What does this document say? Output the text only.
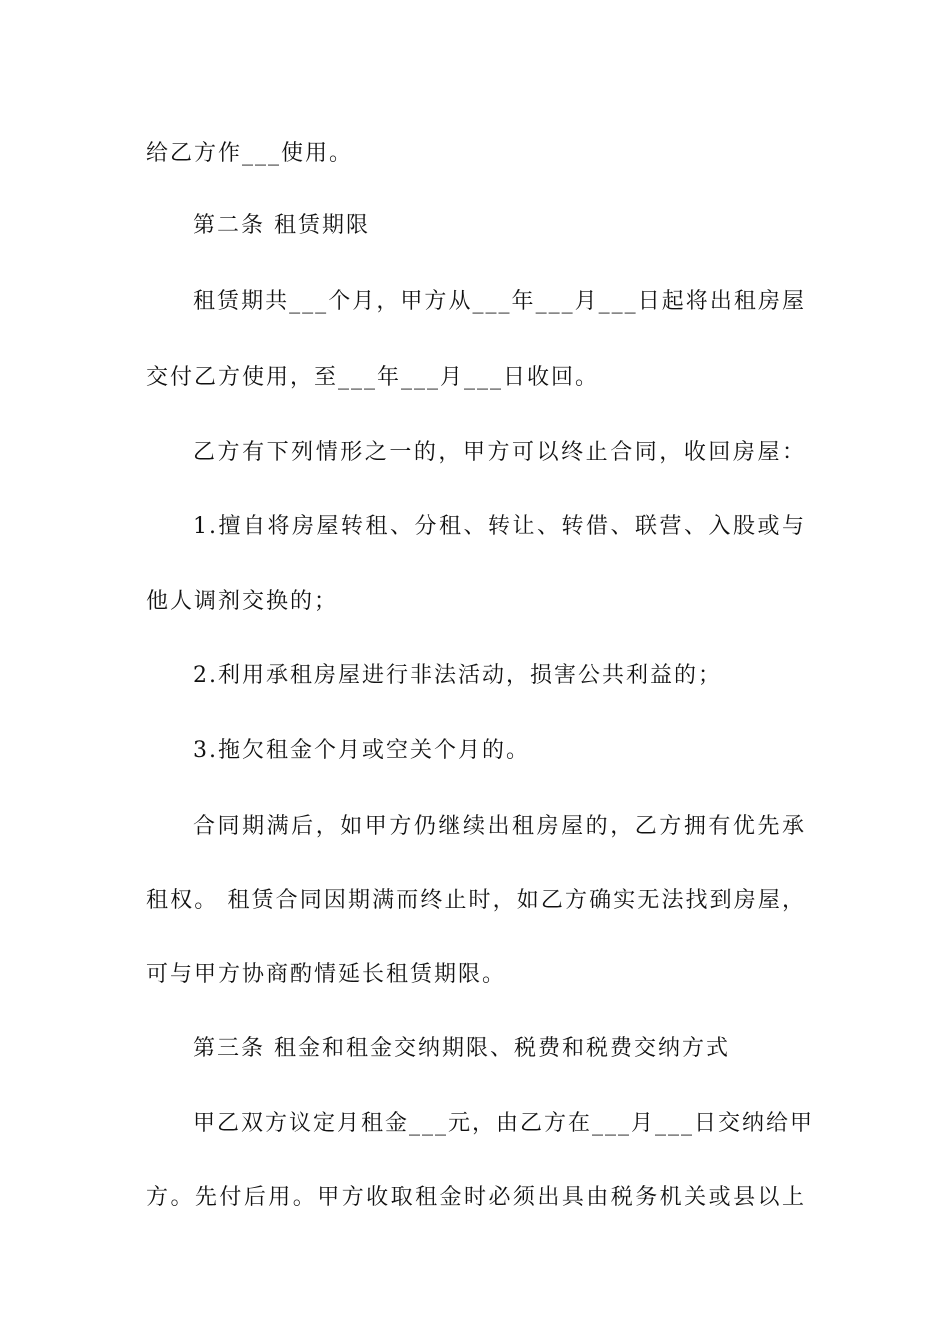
给乙方作___使用。
第二条 租赁期限
租赁期共___个月，甲方从___年___月___日起将出租房屋
交付乙方使用，至___年___月___日收回。
乙方有下列情形之一的，甲方可以终止合同，收回房屋：
1.擅自将房屋转租、分租、转让、转借、联营、入股或与
他人调剂交换的；
2.利用承租房屋进行非法活动，损害公共利益的；
3.拖欠租金个月或空关个月的。
合同期满后，如甲方仍继续出租房屋的，乙方拥有优先承
租权。 租赁合同因期满而终止时，如乙方确实无法找到房屋，
可与甲方协商酌情延长租赁期限。
第三条 租金和租金交纳期限、税费和税费交纳方式
甲乙双方议定月租金___元，由乙方在___月___日交纳给甲
方。先付后用。甲方收取租金时必须出具由税务机关或县以上
